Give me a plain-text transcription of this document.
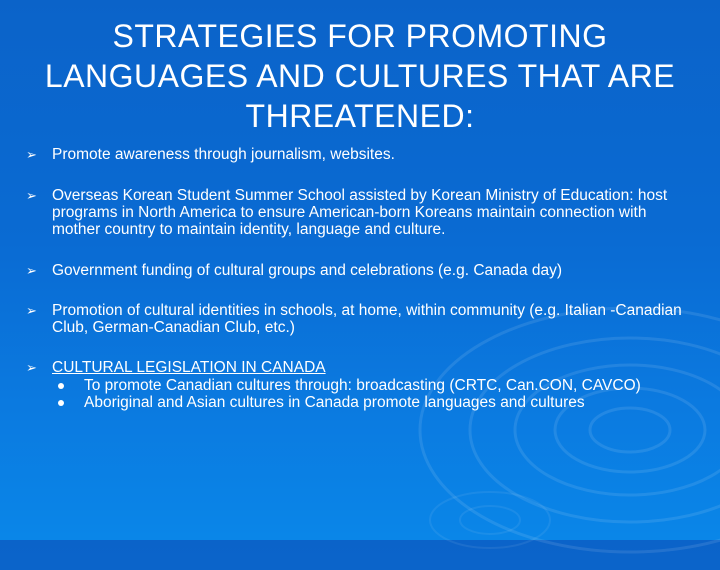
STRATEGIES FOR PROMOTING
LANGUAGES AND CULTURES THAT ARE
THREATENED:
➢ Promote awareness through journalism, websites.
➢ Overseas Korean Student Summer School assisted by Korean Ministry of Education: host programs in North America to ensure American-born Koreans maintain connection with mother country to maintain identity, language and culture.
➢ Government funding of cultural groups and celebrations (e.g. Canada day)
➢ Promotion of cultural identities in schools, at home, within community (e.g. Italian -Canadian Club, German-Canadian Club, etc.)
➢ CULTURAL LEGISLATION IN CANADA
To promote Canadian cultures through: broadcasting (CRTC, Can.CON, CAVCO)
Aboriginal and Asian cultures in Canada promote languages and cultures
